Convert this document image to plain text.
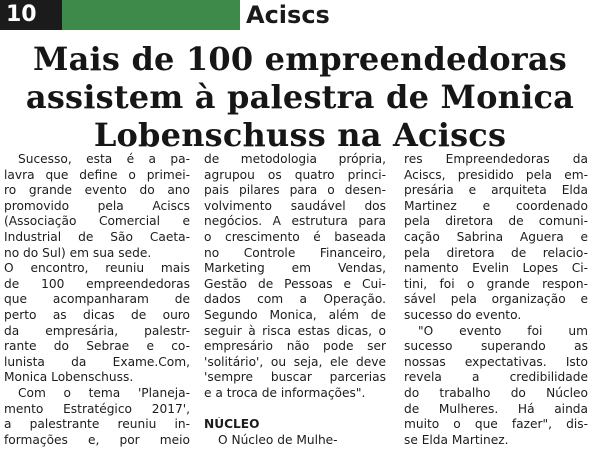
10	Aciscs
Mais de 100 empreendedoras
assistem à palestra de Monica
Lobenschuss na Aciscs
Sucesso, esta é a pa-
lavra que define o primei-
ro grande evento do ano
promovido pela Aciscs
(Associação Comercial e
Industrial de São Caeta-
no do Sul) em sua sede.
O encontro, reuniu mais
de 100 empreendedoras
que acompanharam de
perto as dicas de ouro
da empresária, palestr-
rante do Sebrae e co-
lunista da Exame.Com,
Monica Lobenschuss.
Com o tema 'Planeja-
mento Estratégico 2017',
a palestrante reuniu in-
formações e, por meio
de metodologia própria,
agrupou os quatro princi-
pais pilares para o desen-
volvimento saudável dos
negócios. A estrutura para
o crescimento é baseada
no Controle Financeiro,
Marketing em Vendas,
Gestão de Pessoas e Cui-
dados com a Operação.
Segundo Monica, além de
seguir à risca estas dicas, o
empresário não pode ser
'solitário', ou seja, ele deve
'sempre buscar parcerias
e a troca de informações".
NÚCLEO
O Núcleo de Mulhe-
res Empreendedoras da
Aciscs, presidido pela em-
presária e arquiteta Elda
Martinez e coordenado
pela diretora de comuni-
cação Sabrina Aguera e
pela diretora de relacio-
namento Evelin Lopes Ci-
tini, foi o grande respon-
sável pela organização e
sucesso do evento.
"O evento foi um
sucesso superando as
nossas expectativas. Isto
revela a credibilidade
do trabalho do Núcleo
de Mulheres. Há ainda
muito o que fazer", dis-
se Elda Martinez.
